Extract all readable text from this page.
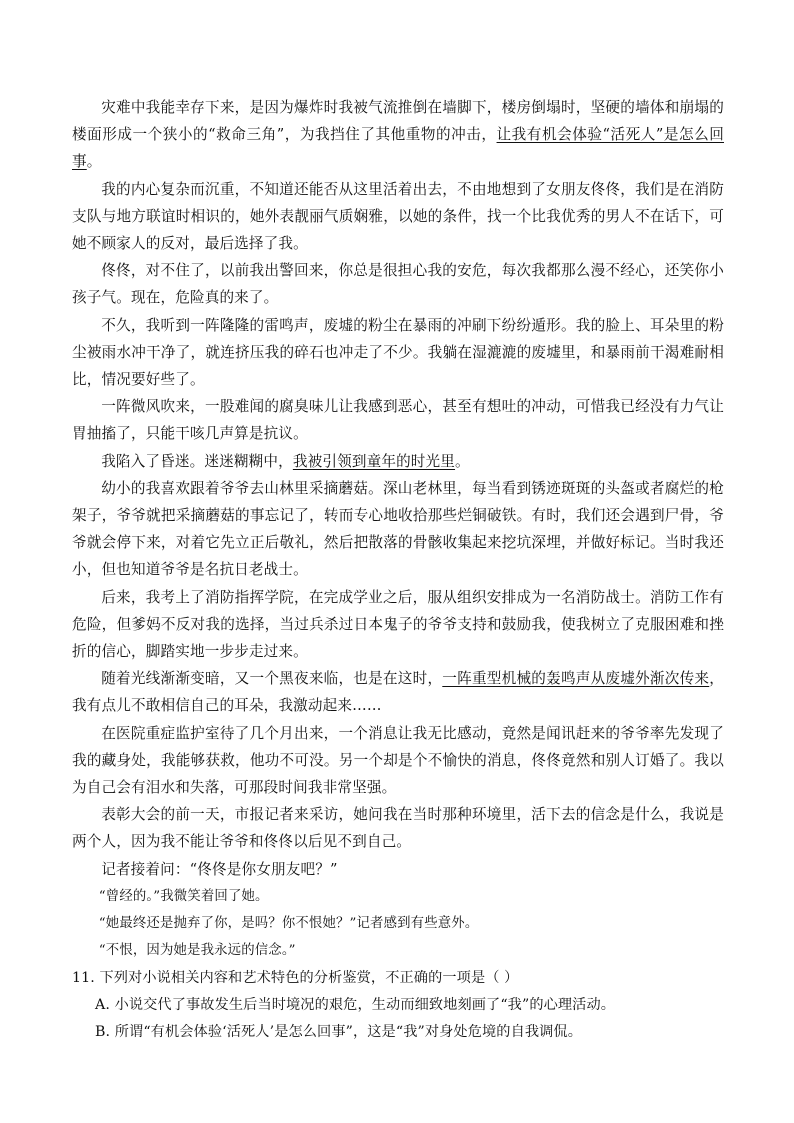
灾难中我能幸存下来，是因为爆炸时我被气流推倒在墙脚下，楼房倒塌时，坚硬的墙体和崩塌的楼面形成一个狭小的“救命三角”，为我挡住了其他重物的冲击，让我有机会体验“活死人”是怎么回事。

我的内心复杂而沉重，不知道还能否从这里活着出去，不由地想到了女朋友佟佟，我们是在消防支队与地方联谊时相识的，她外表靓丽气质娴雅，以她的条件，找一个比我优秀的男人不在话下，可她不顾家人的反对，最后选择了我。

佟佟，对不住了，以前我出警回来，你总是很担心我的安危，每次我都那么漫不经心，还笑你小孩子气。现在，危险真的来了。

不久，我听到一阵隆隆的雷鸣声，废墟的粉尘在暴雨的冲刷下纷纷遁形。我的脸上、耳朵里的粉尘被雨水冲干净了，就连挤压我的碎石也冲走了不少。我躺在湿漉漉的废墟里，和暴雨前干渴难耐相比，情况要好些了。

一阵微风吹来，一股难闻的腐臭味儿让我感到恶心，甚至有想吐的冲动，可惜我已经没有力气让胃抽搐了，只能干咳几声算是抗议。

我陷入了昏迷。迷迷糊糊中，我被引领到童年的时光里。

幼小的我喜欢跟着爷爷去山林里采摘蘑菇。深山老林里，每当看到锈迹斑斑的头盔或者腐烂的枪架子，爷爷就把采摘蘑菇的事忘记了，转而专心地收拾那些烂铜破铁。有时，我们还会遇到尸骨，爷爷就会停下来，对着它先立正后敬礼，然后把散落的骨骸收集起来挖坑深埋，并做好标记。当时我还小，但也知道爷爷是名抗日老战士。

后来，我考上了消防指挥学院，在完成学业之后，服从组织安排成为一名消防战士。消防工作有危险，但爹妈不反对我的选择，当过兵杀过日本鬼子的爷爷支持和鼓励我，使我树立了克服困难和挫折的信心，脚踏实地一步步走过来。

随着光线渐渐变暗，又一个黑夜来临，也是在这时，一阵重型机械的轰鸣声从废墟外渐次传来，我有点儿不敢相信自己的耳朵，我激动起来……

在医院重症监护室待了几个月出来，一个消息让我无比感动，竟然是闻讯赶来的爷爷率先发现了我的藏身处，我能够获救，他功不可没。另一个却是个不愉快的消息，佟佟竟然和别人订婚了。我以为自己会有泪水和失落，可那段时间我非常坚强。

表彰大会的前一天，市报记者来采访，她问我在当时那种环境里，活下去的信念是什么，我说是两个人，因为我不能让爷爷和佟佟以后见不到自己。

记者接着问：“佟佟是你女朋友吧？”

“曾经的。”我微笑着回了她。

“她最终还是抛弃了你，是吗？你不恨她？”记者感到有些意外。

“不恨，因为她是我永远的信念。”

11. 下列对小说相关内容和艺术特色的分析鉴赏，不正确的一项是（ ）

A. 小说交代了事故发生后当时境况的艰危，生动而细致地刻画了“我”的心理活动。

B. 所谓“有机会体验‘活死人’是怎么回事”，这是“我”对身处危境的自我调侃。
